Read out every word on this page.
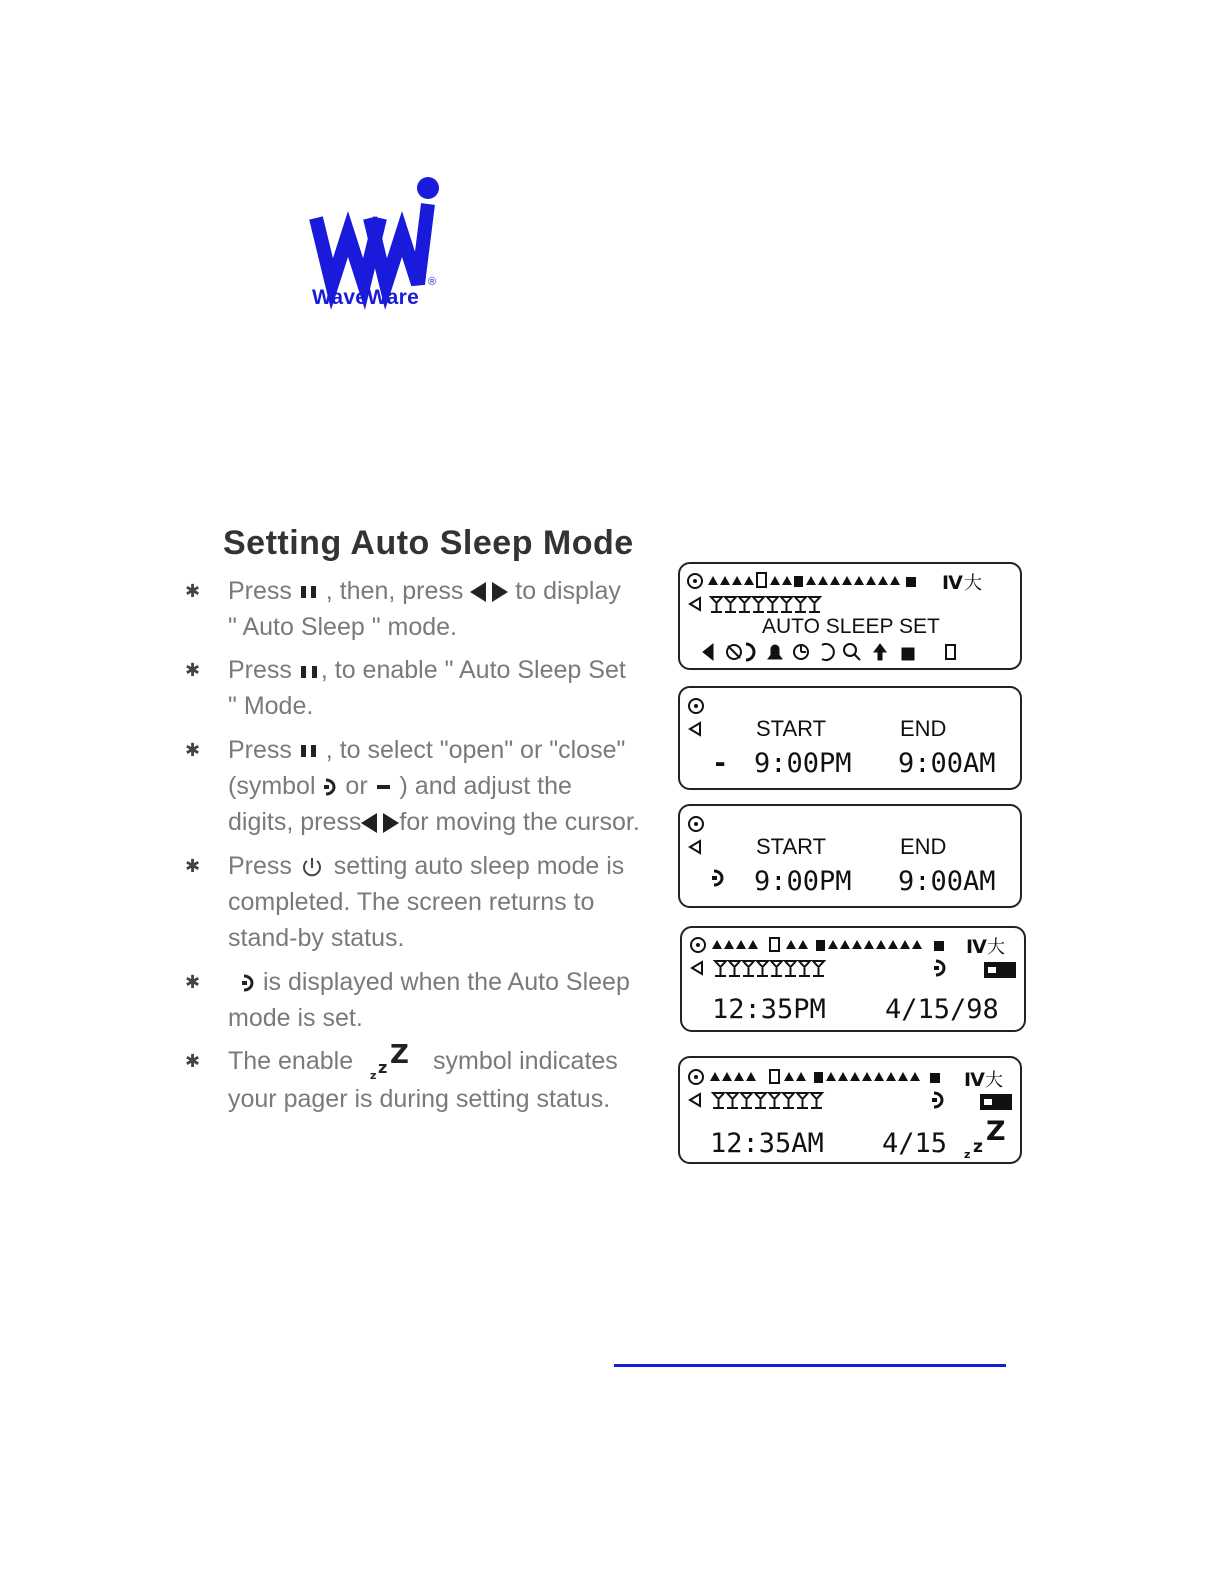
WaveWare
®
Setting Auto Sleep Mode
✱ Press
, then, press
to display
" Auto Sleep " mode.

✱ Press
, to enable " Auto Sleep Set
" Mode.

✱ Press
, to select "open" or "close"
(symbol
or
) and adjust the
digits, press for moving the cursor.

✱ Press
setting auto sleep mode is
completed. The screen returns to
stand-by status.

✱	is displayed when the Auto Sleep
mode is set.

✱ The enable
z z Z symbol indicates
your pager is during setting status.

Ⅳ 大
AUTO SLEEP SET
START	END
- 9:00PM 9:00AM
START	END
9:00PM 9:00AM
Ⅳ 大
12:35PM 4/15/98
Ⅳ 大
12:35AM 4/15 z z Z
